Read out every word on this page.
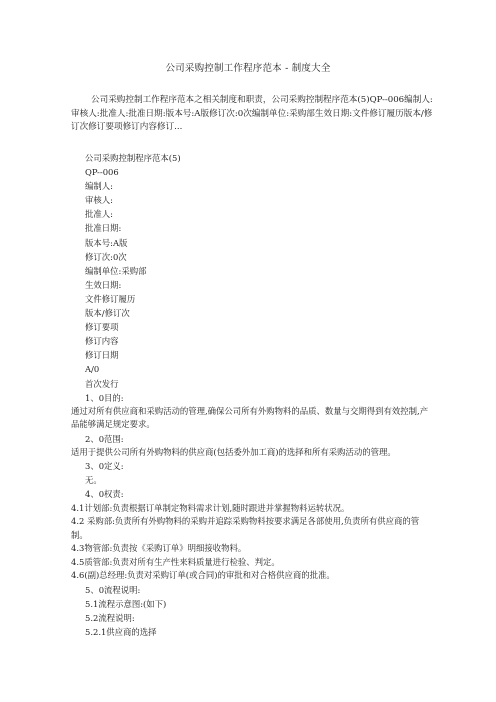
公司采购控制工作程序范本 - 制度大全

公司采购控制工作程序范本之相关制度和职责，公司采购控制程序范本(5)QP--006编制人:审核人:批准人:批准日期:版本号:A版修订次:0次编制单位:采购部生效日期:文件修订履历版本/修订次修订要项修订内容修订...

公司采购控制程序范本(5)
QP--006
编制人:
审核人:
批准人:
批准日期:
版本号:A版
修订次:0次
编制单位:采购部
生效日期:
文件修订履历
版本/修订次
修订要项
修订内容
修订日期
A/0
首次发行
1、0目的:
通过对所有供应商和采购活动的管理,确保公司所有外购物料的品质、数量与交期得到有效控制,产品能够满足规定要求。
2、0范围:
适用于提供公司所有外购物料的供应商(包括委外加工商)的选择和所有采购活动的管理。
3、0定义:
无。
4、0权责:
4.1计划部:负责根据订单制定物料需求计划,随时跟进并掌握物料运转状况。
4.2 采购部:负责所有外购物料的采购并追踪采购物料按要求满足各部使用,负责所有供应商的管制。
4.3物管部:负责按《采购订单》明细接收物料。
4.5质管部:负责对所有生产性来料质量进行检验、判定。
4.6(副)总经理:负责对采购订单(或合同)的审批和对合格供应商的批准。
5、0流程说明:
5.1流程示意图:(如下)
5.2流程说明:
5.2.1供应商的选择
